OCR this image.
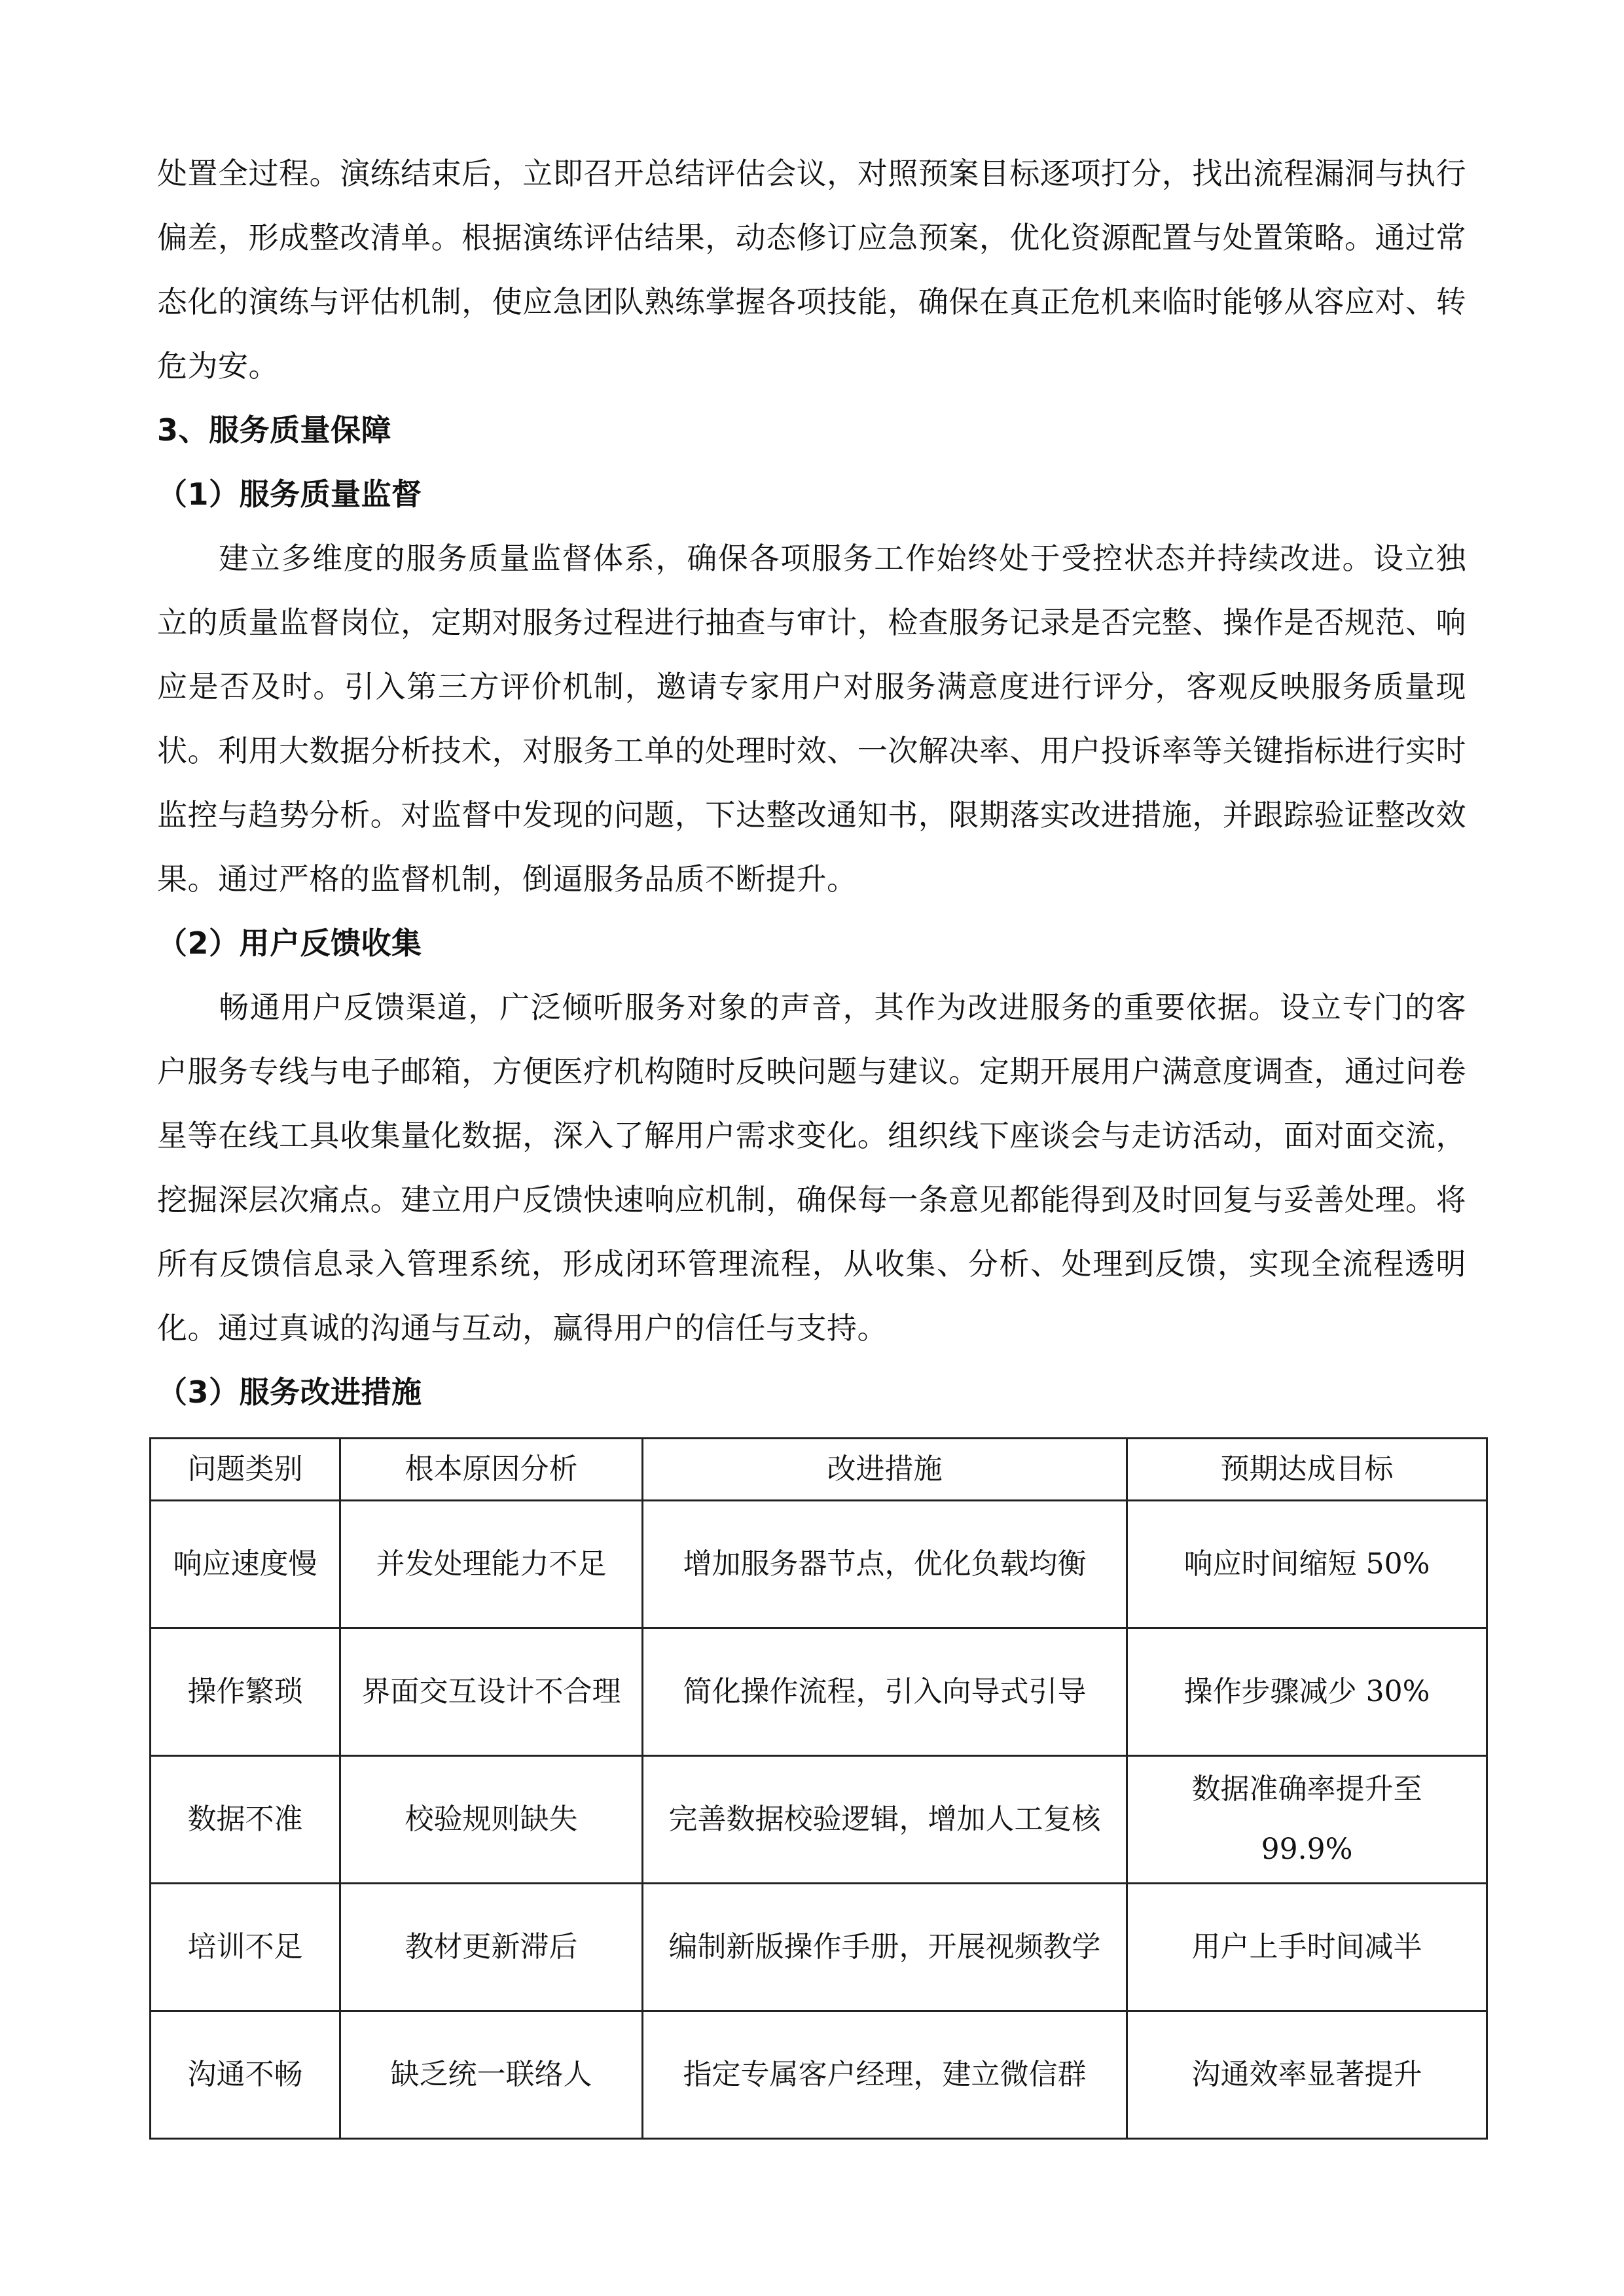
处置全过程。演练结束后，立即召开总结评估会议，对照预案目标逐项打分，找出流程漏洞与执行偏差，形成整改清单。根据演练评估结果，动态修订应急预案，优化资源配置与处置策略。通过常态化的演练与评估机制，使应急团队熟练掌握各项技能，确保在真正危机来临时能够从容应对、转危为安。

3、服务质量保障

（1）服务质量监督

建立多维度的服务质量监督体系，确保各项服务工作始终处于受控状态并持续改进。设立独立的质量监督岗位，定期对服务过程进行抽查与审计，检查服务记录是否完整、操作是否规范、响应是否及时。引入第三方评价机制，邀请专家用户对服务满意度进行评分，客观反映服务质量现状。利用大数据分析技术，对服务工单的处理时效、一次解决率、用户投诉率等关键指标进行实时监控与趋势分析。对监督中发现的问题，下达整改通知书，限期落实改进措施，并跟踪验证整改效果。通过严格的监督机制，倒逼服务品质不断提升。

（2）用户反馈收集

畅通用户反馈渠道，广泛倾听服务对象的声音，其作为改进服务的重要依据。设立专门的客户服务专线与电子邮箱，方便医疗机构随时反映问题与建议。定期开展用户满意度调查，通过问卷星等在线工具收集量化数据，深入了解用户需求变化。组织线下座谈会与走访活动，面对面交流，挖掘深层次痛点。建立用户反馈快速响应机制，确保每一条意见都能得到及时回复与妥善处理。将所有反馈信息录入管理系统，形成闭环管理流程，从收集、分析、处理到反馈，实现全流程透明化。通过真诚的沟通与互动，赢得用户的信任与支持。

（3）服务改进措施

问题类别	根本原因分析	改进措施	预期达成目标
响应速度慢	并发处理能力不足	增加服务器节点，优化负载均衡	响应时间缩短 50%
操作繁琐	界面交互设计不合理	简化操作流程，引入向导式引导	操作步骤减少 30%
数据不准	校验规则缺失	完善数据校验逻辑，增加人工复核	数据准确率提升至 99.9%
培训不足	教材更新滞后	编制新版操作手册，开展视频教学	用户上手时间减半
沟通不畅	缺乏统一联络人	指定专属客户经理，建立微信群	沟通效率显著提升
